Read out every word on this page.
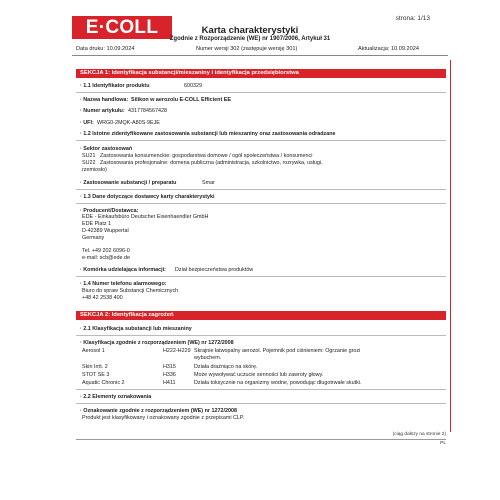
E·COLL	strona: 1/13
Karta charakterystyki
Zgodnie z Rozporządzenie (WE) nr 1907/2006, Artykuł 31
Data druku: 10.09.2024	Numer wersji 302 (zastępuje wersję 301)	Aktualizacja: 10.09.2024
SEKCJA 1: Identyfikacja substancji/mieszaniny i identyfikacja przedsiębiorstwa
· 1.1 Identyfikator produktu	600329
· Nazwa handlowa: Silikon w aerozolu E-COLL Efficient EE
· Numer artykułu: 4317784567428
· UFI: WRG0-2MQK-A80S-9EJE
· 1.2 Istotne zidentyfikowane zastosowania substancji lub mieszaniny oraz zastosowania odradzane
· Sektor zastosowań
SU21   Zastosowania konsumenckie: gospodarstwa domowe / ogół społeczeństwa / konsumenci
SU22   Zastosowania profesjonalne: domena publiczna (administracja, szkolnictwo, rozrywka, usługi,
rzemiosło)
· Zastosowanie substancji / preparatu	Smar
· 1.3 Dane dotyczące dostawcy karty charakterystyki
· Producent/Dostawca:
EDE - Einkaufsbüro Deutscher Eisenhaendler GmbH
EDE Platz 1
D-42389 Wuppertal
Germany
Tel. +49 202 6096-0
e-mail: scb@ede.de
· Komórka udzielająca informacji: Dział bezpieczeństwa produktów
· 1.4 Numer telefonu alarmowego:
Biuro do spraw Substancji Chemicznych
+48 42 2538 400
SEKCJA 2: Identyfikacja zagrożeń
· 2.1 Klasyfikacja substancji lub mieszaniny
· Klasyfikacja zgodnie z rozporządzeniem (WE) nr 1272/2008
Aerosol 1	H222-H229 Skrajnie łatwopalny aerozol. Pojemnik pod ciśnieniem: Ogrzanie grozi
wybuchem.
Skin Irrit. 2	H315	Działa drażniąco na skórę.
STOT SE 3	H336	Może wywoływać uczucie senności lub zawroty głowy.
Aquatic Chronic 2	H411	Działa toksycznie na organizmy wodne, powodując długotrwałe skutki.
· 2.2 Elementy oznakowania
· Oznakowanie zgodnie z rozporządzeniem (WE) nr 1272/2008
Produkt jest klasyfikowany i oznakowany zgodnie z przepisami CLP.
(ciąg dalszy na stronie 2)
PL
